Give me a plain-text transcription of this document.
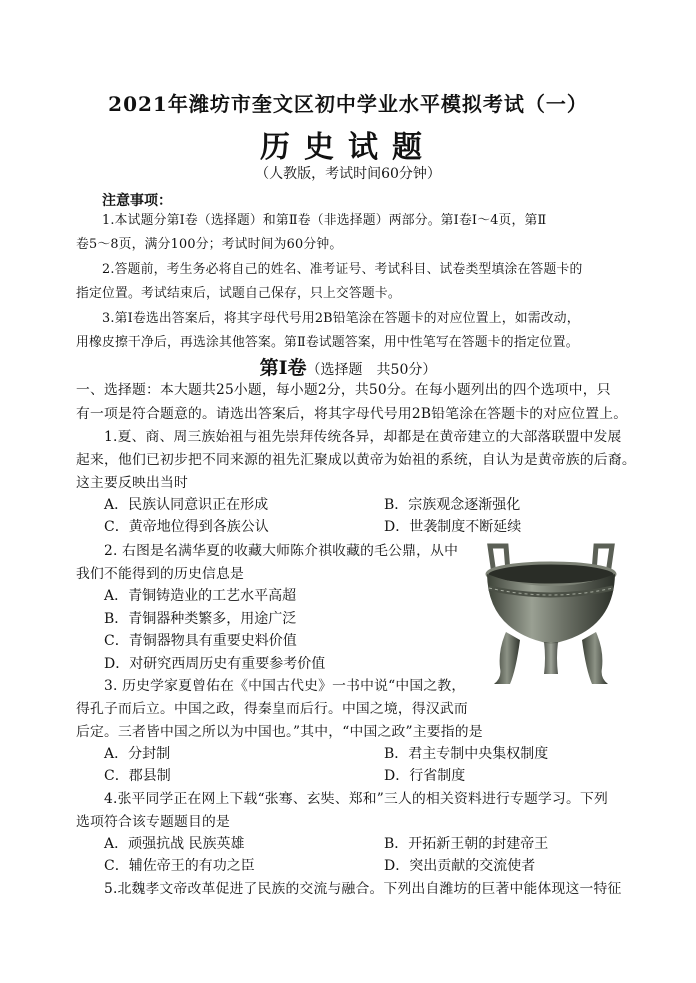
2021年潍坊市奎文区初中学业水平模拟考试（一）
历史试题
（人教版，考试时间60分钟）
注意事项：
1.本试题分第Ⅰ卷（选择题）和第Ⅱ卷（非选择题）两部分。第Ⅰ卷Ⅰ～4页，第Ⅱ
卷5～8页，满分100分；考试时间为60分钟。
2.答题前，考生务必将自己的姓名、准考证号、考试科目、试卷类型填涂在答题卡的
指定位置。考试结束后，试题自己保存，只上交答题卡。
3.第Ⅰ卷选出答案后，将其字母代号用2B铅笔涂在答题卡的对应位置上，如需改动，
用橡皮擦干净后，再选涂其他答案。第Ⅱ卷试题答案，用中性笔写在答题卡的指定位置。
第Ⅰ卷（选择题　共50分）
一、选择题：本大题共25小题，每小题2分，共50分。在每小题列出的四个选项中，只
有一项是符合题意的。请选出答案后，将其字母代号用2B铅笔涂在答题卡的对应位置上。
1.夏、商、周三族始祖与祖先崇拜传统各异，却都是在黄帝建立的大部落联盟中发展
起来，他们已初步把不同来源的祖先汇聚成以黄帝为始祖的系统，自认为是黄帝族的后裔。
这主要反映出当时
A．民族认同意识正在形成	B．宗族观念逐渐强化
C．黄帝地位得到各族公认	D．世袭制度不断延续
2. 右图是名满华夏的收藏大师陈介祺收藏的毛公鼎，从中
我们不能得到的历史信息是
A．青铜铸造业的工艺水平高超
B．青铜器种类繁多，用途广泛
C．青铜器物具有重要史料价值
D．对研究西周历史有重要参考价值
3. 历史学家夏曾佑在《中国古代史》一书中说“中国之教，
得孔子而后立。中国之政，得秦皇而后行。中国之境，得汉武而
后定。三者皆中国之所以为中国也。”其中，“中国之政”主要指的是
A．分封制	B．君主专制中央集权制度
C．郡县制	D．行省制度
4.张平同学正在网上下载“张骞、玄奘、郑和”三人的相关资料进行专题学习。下列
选项符合该专题题目的是
A．顽强抗战 民族英雄	B．开拓新王朝的封建帝王
C．辅佐帝王的有功之臣	D．突出贡献的交流使者
5.北魏孝文帝改革促进了民族的交流与融合。下列出自潍坊的巨著中能体现这一特征
